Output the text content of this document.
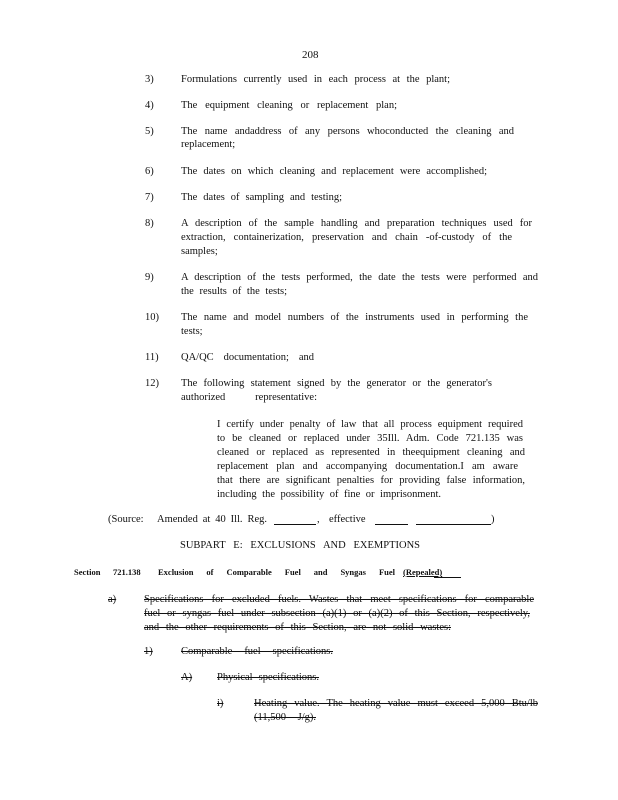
208
3)	Formulations currently used in each process at the plant;
4)	The equipment cleaning or replacement plan;
5)	The name andaddress of any persons whoconducted the cleaning and
replacement;
6)	The dates on which cleaning and replacement were accomplished;
7)	The dates of sampling and testing;
8)	A description of the sample handling and preparation techniques used for
extraction, containerization, preservation and chain -of-custody of the
samples;
9)	A description of the tests performed, the date the tests were performed and
the results of the tests;
10) The name and model numbers of the instruments used in performing the
tests;
11) QA/QC documentation; and
12) The following statement signed by the generator or the generator's
authorized representative:
I certify under penalty of law that all process equipment required
to be cleaned or replaced under 35Ill. Adm. Code 721.135 was
cleaned or replaced as represented in theequipment cleaning and
replacement plan and accompanying documentation.I am aware
that there are significant penalties for providing false information,
including the possibility of fine or imprisonment.
(Source: Amended at 40 Ill. Reg.	, effective	)
SUBPART E: EXCLUSIONS AND EXEMPTIONS
Section 721.138 Exclusion of Comparable Fuel and Syngas Fuel (Repealed)
a)	Specifications for excluded fuels. Wastes that meet specifications for comparable
fuel or syngas fuel under subsection (a)(1) or (a)(2) of this Section, respectively,
and the other requirements of this Section, are not solid wastes:
1)	Comparable fuel specifications.
A) Physical specifications.
i)	Heating value. The heating value must exceed 5,000 Btu/lb
(11,500 J/g).
